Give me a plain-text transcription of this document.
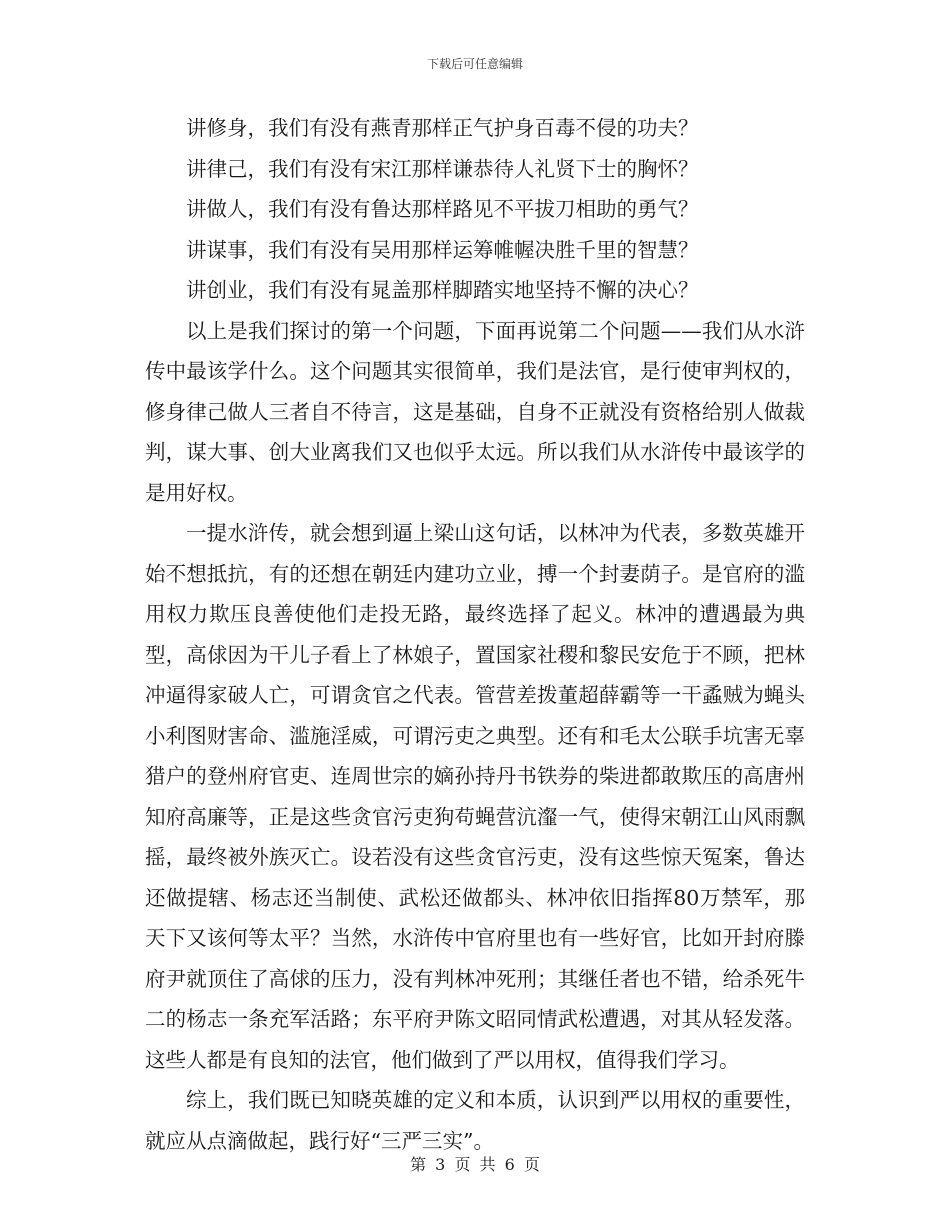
下载后可任意编辑

讲修身，我们有没有燕青那样正气护身百毒不侵的功夫？

讲律己，我们有没有宋江那样谦恭待人礼贤下士的胸怀？

讲做人，我们有没有鲁达那样路见不平拔刀相助的勇气？

讲谋事，我们有没有吴用那样运筹帷幄决胜千里的智慧？

讲创业，我们有没有晁盖那样脚踏实地坚持不懈的决心？

以上是我们探讨的第一个问题，下面再说第二个问题——我们从水浒传中最该学什么。这个问题其实很简单，我们是法官，是行使审判权的，修身律己做人三者自不待言，这是基础，自身不正就没有资格给别人做裁判，谋大事、创大业离我们又也似乎太远。所以我们从水浒传中最该学的是用好权。

一提水浒传，就会想到逼上梁山这句话，以林冲为代表，多数英雄开始不想抵抗，有的还想在朝廷内建功立业，搏一个封妻荫子。是官府的滥用权力欺压良善使他们走投无路，最终选择了起义。林冲的遭遇最为典型，高俅因为干儿子看上了林娘子，置国家社稷和黎民安危于不顾，把林冲逼得家破人亡，可谓贪官之代表。管营差拨董超薛霸等一干蟊贼为蝇头小利图财害命、滥施淫威，可谓污吏之典型。还有和毛太公联手坑害无辜猎户的登州府官吏、连周世宗的嫡孙持丹书铁券的柴进都敢欺压的高唐州知府高廉等，正是这些贪官污吏狗苟蝇营沆瀣一气，使得宋朝江山风雨飘摇，最终被外族灭亡。设若没有这些贪官污吏，没有这些惊天冤案，鲁达还做提辖、杨志还当制使、武松还做都头、林冲依旧指挥80万禁军，那天下又该何等太平？当然，水浒传中官府里也有一些好官，比如开封府滕府尹就顶住了高俅的压力，没有判林冲死刑；其继任者也不错，给杀死牛二的杨志一条充军活路；东平府尹陈文昭同情武松遭遇，对其从轻发落。这些人都是有良知的法官，他们做到了严以用权，值得我们学习。

综上，我们既已知晓英雄的定义和本质，认识到严以用权的重要性，就应从点滴做起，践行好“三严三实”。

第 3 页 共 6 页
